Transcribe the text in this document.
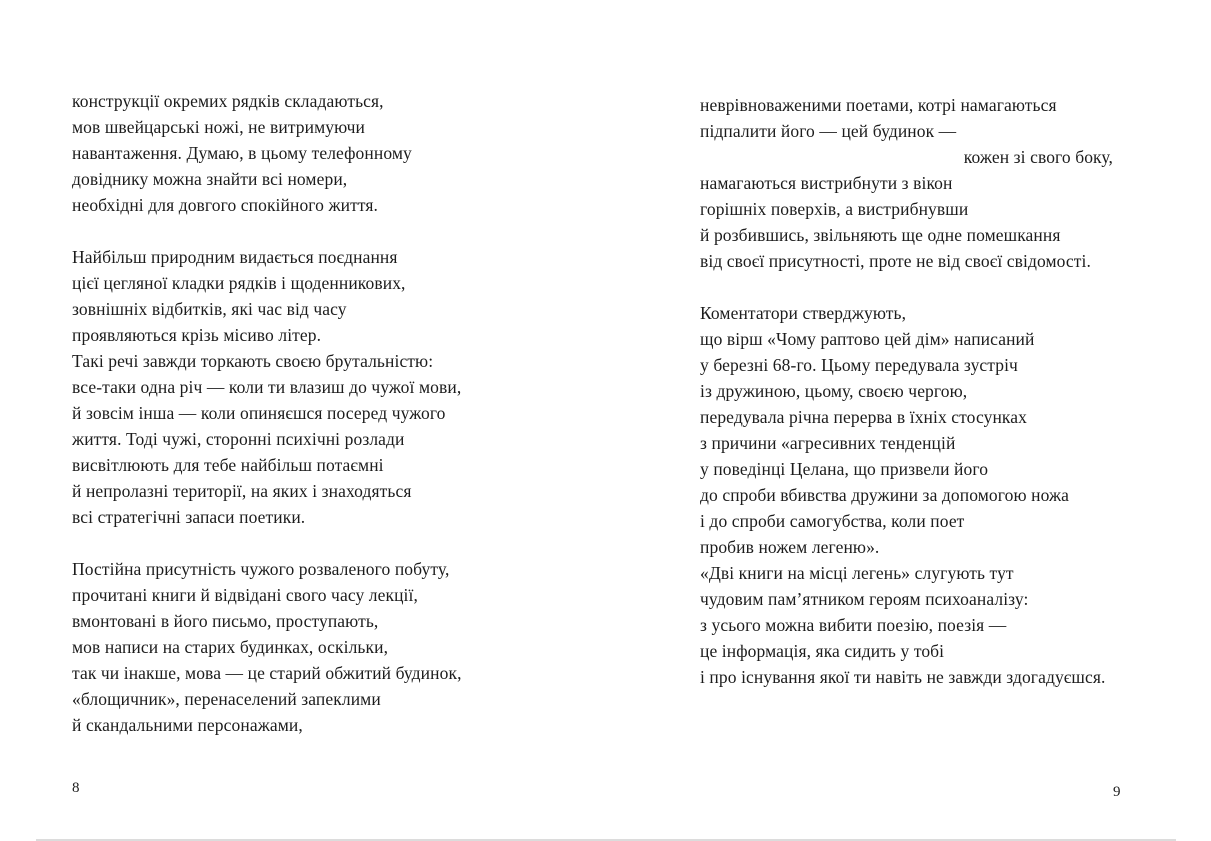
конструкції окремих рядків складаються,
мов швейцарські ножі, не витримуючи
навантаження. Думаю, в цьому телефонному
довіднику можна знайти всі номери,
необхідні для довгого спокійного життя.
Найбільш природним видається поєднання
цієї цегляної кладки рядків і щоденникових,
зовнішніх відбитків, які час від часу
проявляються крізь місиво літер.
Такі речі завжди торкають своєю брутальністю:
все-таки одна річ — коли ти влазиш до чужої мови,
й зовсім інша — коли опиняєшся посеред чужого
життя. Тоді чужі, сторонні психічні розлади
висвітлюють для тебе найбільш потаємні
й непролазні території, на яких і знаходяться
всі стратегічні запаси поетики.
Постійна присутність чужого розваленого побуту,
прочитані книги й відвідані свого часу лекції,
вмонтовані в його письмо, проступають,
мов написи на старих будинках, оскільки,
так чи інакше, мова — це старий обжитий будинок,
«блощичник», перенаселений запеклими
й скандальними персонажами,
8
неврівноваженими поетами, котрі намагаються
підпалити його — цей будинок —
кожен зі свого боку,
намагаються вистрибнути з вікон
горішніх поверхів, а вистрибнувши
й розбившись, звільняють ще одне помешкання
від своєї присутності, проте не від своєї свідомості.
Коментатори стверджують,
що вірш «Чому раптово цей дім» написаний
у березні 68-го. Цьому передувала зустріч
із дружиною, цьому, своєю чергою,
передувала річна перерва в їхніх стосунках
з причини «агресивних тенденцій
у поведінці Целана, що призвели його
до спроби вбивства дружини за допомогою ножа
і до спроби самогубства, коли поет
пробив ножем легеню».
«Дві книги на місці легень» слугують тут
чудовим пам’ятником героям психоаналізу:
з усього можна вибити поезію, поезія —
це інформація, яка сидить у тобі
і про існування якої ти навіть не завжди здогадуєшся.
9
